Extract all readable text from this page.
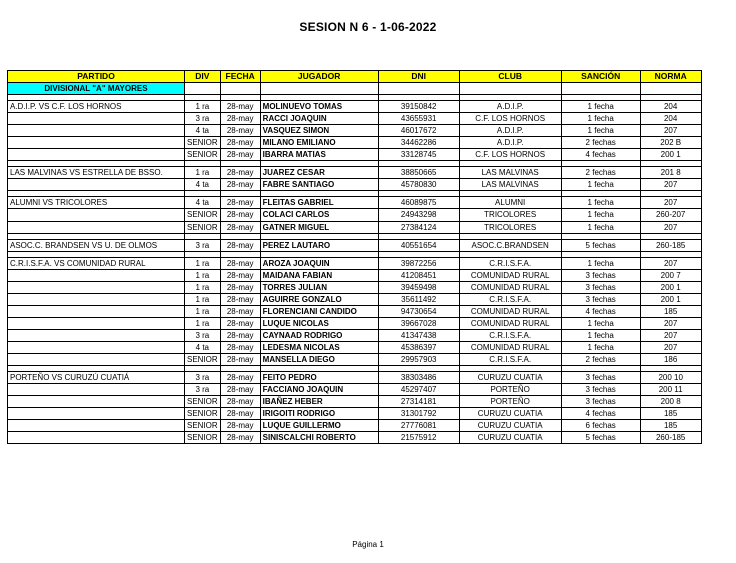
SESION N 6 - 1-06-2022
PARTIDO	DIV	FECHA	JUGADOR	DNI	CLUB	SANCIÓN	NORMA
DIVISIONAL "A" MAYORES							

A.D.I.P. VS C.F. LOS HORNOS	1 ra	28-may	MOLINUEVO TOMAS	39150842	A.D.I.P.	1 fecha	204
	3 ra	28-may	RACCI JOAQUIN	43655931	C.F. LOS HORNOS	1 fecha	204
	4 ta	28-may	VASQUEZ SIMON	46017672	A.D.I.P.	1 fecha	207
	SENIOR	28-may	MILANO EMILIANO	34462286	A.D.I.P.	2 fechas	202 B
	SENIOR	28-may	IBARRA MATIAS	33128745	C.F. LOS HORNOS	4 fechas	200 1

LAS MALVINAS VS ESTRELLA DE BSSO.	1 ra	28-may	JUAREZ CESAR	38850665	LAS MALVINAS	2 fechas	201 8
	4 ta	28-may	FABRE SANTIAGO	45780830	LAS MALVINAS	1 fecha	207

ALUMNI VS TRICOLORES	4 ta	28-may	FLEITAS GABRIEL	46089875	ALUMNI	1 fecha	207
	SENIOR	28-may	COLACI CARLOS	24943298	TRICOLORES	1 fecha	260-207
	SENIOR	28-may	GATNER MIGUEL	27384124	TRICOLORES	1 fecha	207

ASOC.C. BRANDSEN VS U. DE OLMOS	3 ra	28-may	PEREZ LAUTARO	40551654	ASOC.C.BRANDSEN	5 fechas	260-185

C.R.I.S.F.A. VS COMUNIDAD RURAL	1 ra	28-may	AROZA JOAQUIN	39872256	C.R.I.S.F.A.	1 fecha	207
	1 ra	28-may	MAIDANA FABIAN	41208451	COMUNIDAD RURAL	3 fechas	200 7
	1 ra	28-may	TORRES JULIAN	39459498	COMUNIDAD RURAL	3 fechas	200 1
	1 ra	28-may	AGUIRRE GONZALO	35611492	C.R.I.S.F.A.	3 fechas	200 1
	1 ra	28-may	FLORENCIANI CANDIDO	94730654	COMUNIDAD RURAL	4 fechas	185
	1 ra	28-may	LUQUE NICOLAS	39667028	COMUNIDAD RURAL	1 fecha	207
	3 ra	28-may	CAYNAAD RODRIGO	41347438	C.R.I.S.F.A.	1 fecha	207
	4 ta	28-may	LEDESMA NICOLAS	45386397	COMUNIDAD RURAL	1 fecha	207
	SENIOR	28-may	MANSELLA DIEGO	29957903	C.R.I.S.F.A.	2 fechas	186

PORTEÑO VS CURUZÚ CUATIÁ	3 ra	28-may	FEITO PEDRO	38303486	CURUZU CUATIA	3 fechas	200 10
	3 ra	28-may	FACCIANO JOAQUIN	45297407	PORTEÑO	3 fechas	200 11
	SENIOR	28-may	IBAÑEZ HEBER	27314181	PORTEÑO	3 fechas	200 8
	SENIOR	28-may	IRIGOITI RODRIGO	31301792	CURUZU CUATIA	4 fechas	185
	SENIOR	28-may	LUQUE GUILLERMO	27776081	CURUZU CUATIA	6 fechas	185
	SENIOR	28-may	SINISCALCHI ROBERTO	21575912	CURUZU CUATIA	5 fechas	260-185
Página 1
